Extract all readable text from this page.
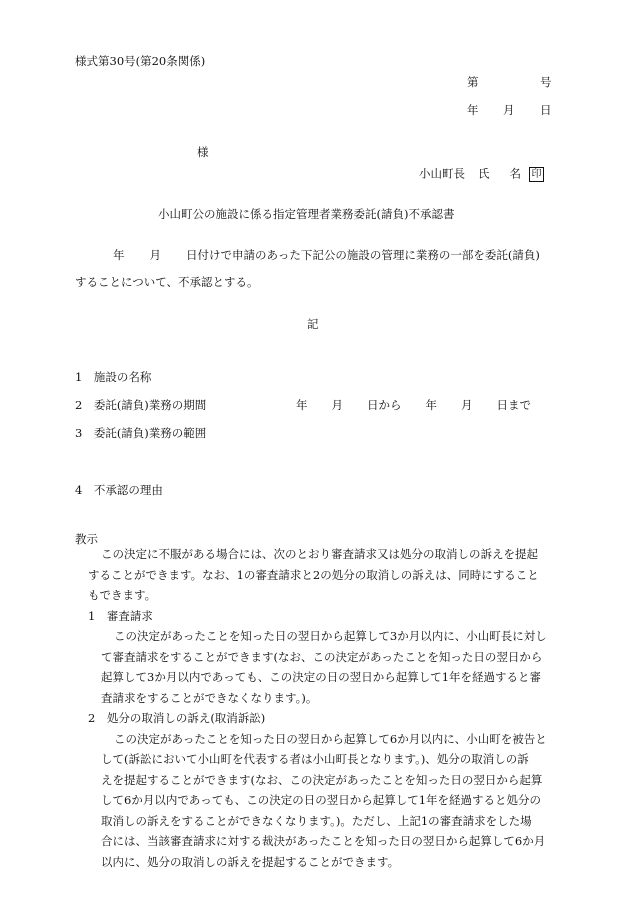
様式第30号(第20条関係)
第	号
年 月 日
様
小山町長 氏 名 印
小山町公の施設に係る指定管理者業務委託(請負)不承認書
年 月 日付けで申請のあった下記公の施設の管理に業務の一部を委託(請負)
することについて、不承認とする。
記
1　施設の名称
2　委託(請負)業務の期間	年 月 日から 年 月 日まで
3　委託(請負)業務の範囲
4　不承認の理由
教示
この決定に不服がある場合には、次のとおり審査請求又は処分の取消しの訴えを提起
することができます。なお、1の審査請求と2の処分の取消しの訴えは、同時にすること
もできます。
1　審査請求
この決定があったことを知った日の翌日から起算して3か月以内に、小山町長に対し
て審査請求をすることができます(なお、この決定があったことを知った日の翌日から
起算して3か月以内であっても、この決定の日の翌日から起算して1年を経過すると審
査請求をすることができなくなります。)。
2　処分の取消しの訴え(取消訴訟)
この決定があったことを知った日の翌日から起算して6か月以内に、小山町を被告と
して(訴訟において小山町を代表する者は小山町長となります。)、処分の取消しの訴
えを提起することができます(なお、この決定があったことを知った日の翌日から起算
して6か月以内であっても、この決定の日の翌日から起算して1年を経過すると処分の
取消しの訴えをすることができなくなります。)。ただし、上記1の審査請求をした場
合には、当該審査請求に対する裁決があったことを知った日の翌日から起算して6か月
以内に、処分の取消しの訴えを提起することができます。
